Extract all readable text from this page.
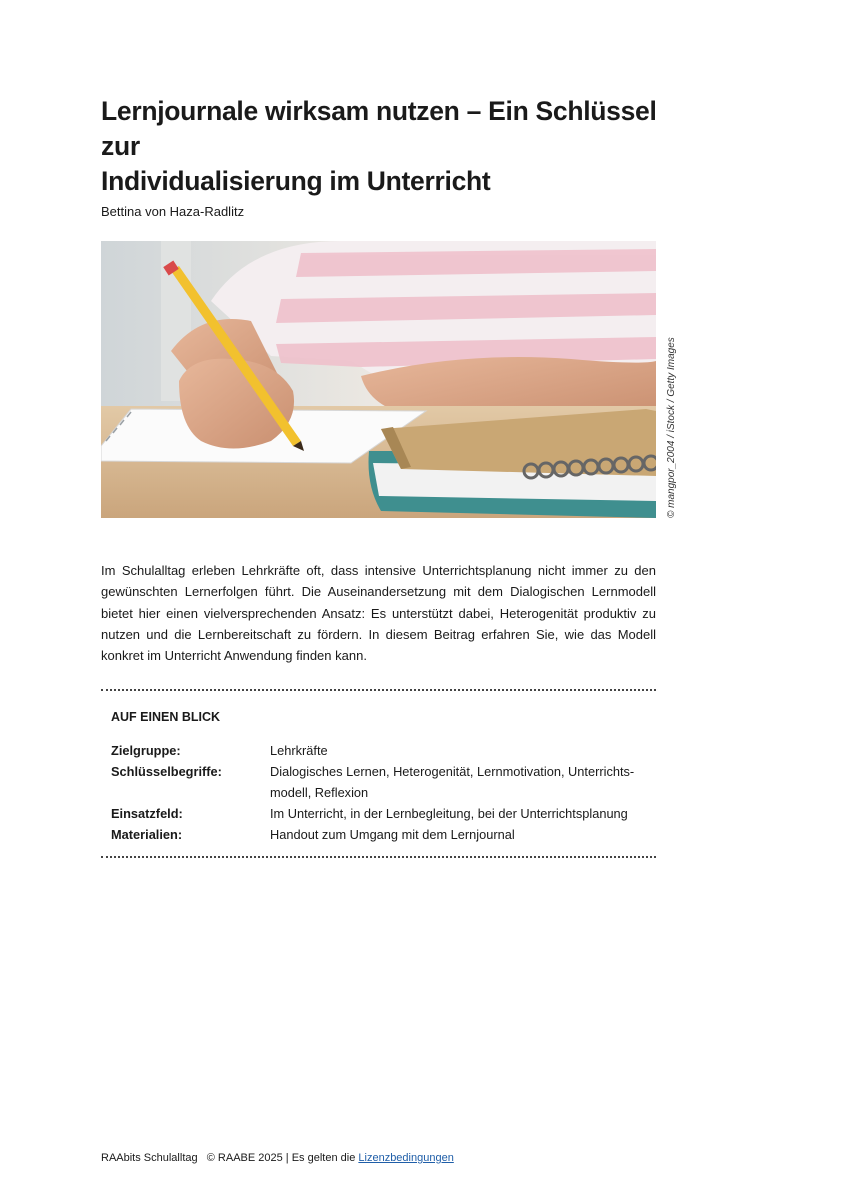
Lernjournale wirksam nutzen – Ein Schlüssel zur
Individualisierung im Unterricht
Bettina von Haza-Radlitz
© mangpor_2004 / iStock / Getty Images

Im Schulalltag erleben Lehrkräfte oft, dass intensive Unterrichtsplanung nicht immer zu den gewünschten Lernerfolgen führt. Die Auseinandersetzung mit dem Dialogischen Lernmodell bietet hier einen vielversprechenden Ansatz: Es unterstützt dabei, Heterogenität produktiv zu nutzen und die Lernbereitschaft zu fördern. In diesem Beitrag erfahren Sie, wie das Modell konkret im Unterricht Anwendung finden kann.

AUF EINEN BLICK
Zielgruppe:	Lehrkräfte
Schlüsselbegriffe:	Dialogisches Lernen, Heterogenität, Lernmotivation, Unterrichts-modell, Reflexion
Einsatzfeld:	Im Unterricht, in der Lernbegleitung, bei der Unterrichtsplanung
Materialien:	Handout zum Umgang mit dem Lernjournal
RAAbits Schulalltag   © RAABE 2025 | Es gelten die Lizenzbedingungen
